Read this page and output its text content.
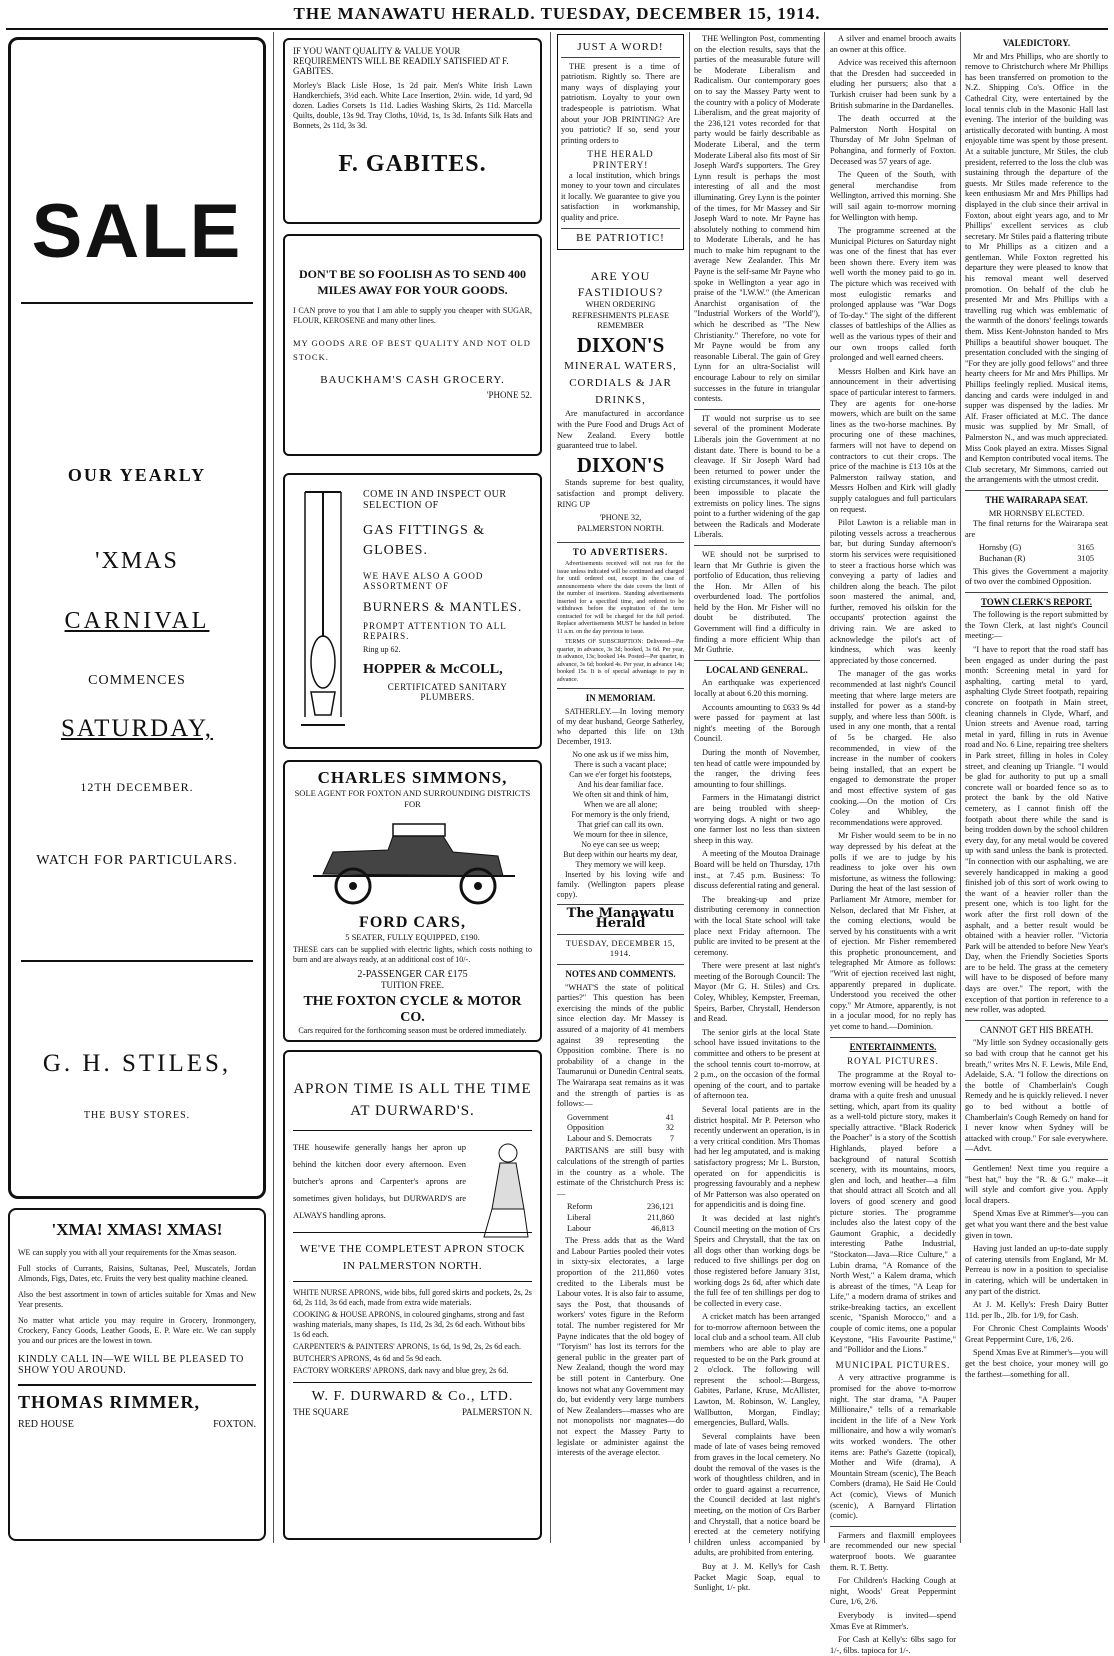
THE MANAWATU HERALD. TUESDAY, DECEMBER 15, 1914.
SALE
OUR YEARLY
'XMAS
CARNIVAL
COMMENCES
SATURDAY,
12TH DECEMBER.
WATCH FOR PARTICULARS.
G. H. STILES,
THE BUSY STORES.
'XMA! XMAS! XMAS!
WE can supply you with all your requirements for the Xmas season.
Full stocks of Currants, Raisins, Sultanas, Peel, Muscatels, Jordan Almonds, Figs, Dates, etc. Fruits the very best quality machine cleaned.
Also the best assortment in town of articles suitable for Xmas and New Year presents.
No matter what article you may require in Grocery, Ironmongery, Crockery, Fancy Goods, Leather Goods, E. P. Ware etc. We can supply you and our prices are the lowest in town.
KINDLY CALL IN—WE WILL BE PLEASED TO SHOW YOU AROUND.
THOMAS RIMMER,
RED HOUSE	FOXTON.
IF YOU WANT QUALITY & VALUE YOUR REQUIREMENTS WILL BE READILY SATISFIED AT F. GABITES.
Morley's Black Lisle Hose, 1s 2d pair. Men's White Irish Lawn Handkerchiefs, 3½d each. White Lace Insertion, 2½in. wide, 1d yard, 9d dozen. Ladies Corsets 1s 11d. Ladies Washing Skirts, 2s 11d. Marcella Quilts, double, 13s 9d. Tray Cloths, 10½d, 1s, 1s 3d. Infants Silk Hats and Bonnets, 2s 11d, 3s 3d.
F. GABITES.
DON'T BE SO FOOLISH AS TO SEND 400 MILES AWAY FOR YOUR GOODS.
I CAN prove to you that I am able to supply you cheaper with SUGAR, FLOUR, KEROSENE and many other lines.
MY GOODS ARE OF BEST QUALITY AND NOT OLD STOCK.
BAUCKHAM'S CASH GROCERY.
'PHONE 52.
COME IN AND INSPECT OUR SELECTION OF
GAS FITTINGS & GLOBES.
WE HAVE ALSO A GOOD ASSORTMENT OF
BURNERS & MANTLES.
PROMPT ATTENTION TO ALL REPAIRS.
Ring up 62.
HOPPER & McCOLL,
CERTIFICATED SANITARY PLUMBERS.
CHARLES SIMMONS,
SOLE AGENT FOR FOXTON AND SURROUNDING DISTRICTS FOR
FORD CARS,
5 SEATER, FULLY EQUIPPED, £190.
THESE cars can be supplied with electric lights, which costs nothing to burn and are always ready, at an additional cost of 10/-.
2-PASSENGER CAR £175
TUITION FREE.
THE FOXTON CYCLE & MOTOR CO.
Cars required for the forthcoming season must be ordered immediately.
APRON TIME IS ALL THE TIME AT DURWARD'S.
THE housewife generally hangs her apron up behind the kitchen door every afternoon. Even butcher's aprons and Carpenter's aprons are sometimes given holidays, but DURWARD'S are ALWAYS handling aprons.
WE'VE THE COMPLETEST APRON STOCK IN PALMERSTON NORTH.
WHITE NURSE APRONS, wide bibs, full gored skirts and pockets, 2s, 2s 6d, 2s 11d, 3s 6d each, made from extra wide materials.
COOKING & HOUSE APRONS, in coloured ginghams, strong and fast washing materials, many shapes, 1s 11d, 2s 3d, 2s 6d each. Without bibs 1s 6d each.
CARPENTER'S & PAINTERS' APRONS, 1s 6d, 1s 9d, 2s, 2s 6d each.
BUTCHER'S APRONS, 4s 6d and 5s 9d each.
FACTORY WORKERS' APRONS, dark navy and blue grey, 2s 6d.
W. F. DURWARD & Co., LTD.
THE SQUARE	PALMERSTON N.
JUST A WORD!

THE present is a time of patriotism. Rightly so. There are many ways of displaying your patriotism. Loyalty to your own tradespeople is patriotism. What about your JOB PRINTING? Are you patriotic? If so, send your printing orders to

THE HERALD PRINTERY!

a local institution, which brings money to your town and circulates it locally. We guarantee to give you satisfaction in workmanship, quality and price.

BE PATRIOTIC!
ARE YOU FASTIDIOUS?
WHEN ORDERING REFRESHMENTS PLEASE REMEMBER
DIXON'S
MINERAL WATERS, CORDIALS & JAR DRINKS,

Are manufactured in accordance with the Pure Food and Drugs Act of New Zealand. Every bottle guaranteed true to label.

DIXON'S

Stands supreme for best quality, satisfaction and prompt delivery. RING UP

'PHONE 32,
PALMERSTON NORTH.
TO ADVERTISERS.

Advertisements received will not run for the issue unless indicated will be continued and charged for until ordered out, except in the case of announcements where the date covers the limit of the number of insertions. Standing advertisements inserted for a specified time, and ordered to be withdrawn before the expiration of the term contracted for will be charged for the full period. Replace advertisements MUST be handed in before 11 a.m. on the day previous to issue.

TERMS OF SUBSCRIPTION: Delivered—Per quarter, in advance, 3s 3d; booked, 3s 6d. Per year, in advance, 13s; booked 14s. Posted—Per quarter, in advance, 3s 6d; booked 4s. Per year, in advance 14s; booked 15s. It is of special advantage to pay in advance.

IN MEMORIAM.

SATHERLEY.—In loving memory of my dear husband, George Satherley, who departed this life on 13th December, 1913.

No one ask us if we miss him,
There is such a vacant place;
Can we e'er forget his footsteps,
And his dear familiar face.
We often sit and think of him,
When we are all alone;
For memory is the only friend,
That grief can call its own.
We mourn for thee in silence,
No eye can see us weep;
But deep within our hearts my dear,
They memory we will keep.

Inserted by his loving wife and family. (Wellington papers please copy).

The Manawatu Herald
TUESDAY, DECEMBER 15, 1914.
NOTES AND COMMENTS.

"WHAT'S the state of political parties?" This question has been exercising the minds of the public since election day. Mr Massey is assured of a majority of 41 members against 39 representing the Opposition combine. There is no probability of a change in the Taumarunui or Dunedin Central seats. The Wairarapa seat remains as it was and the strength of parties is as follows:—

Government	41
Opposition	32
Labour and S. Democrats 7

PARTISANS are still busy with calculations of the strength of parties in the country as a whole. The estimate of the Christchurch Press is:—

Reform	236,121
Liberal	211,860
Labour	46,813

The Press adds that as the Ward and Labour Parties pooled their votes in sixty-six electorates, a large proportion of the 211,860 votes credited to the Liberals must be Labour votes. It is also fair to assume, says the Post, that thousands of workers' votes figure in the Reform total. The number registered for Mr Payne indicates that the old bogey of "Toryism" has lost its terrors for the general public in the greater part of New Zealand, though the word may be still potent in Canterbury. One knows not what any Government may do, but evidently very large numbers of New Zealanders—masses who are not monopolists nor magnates—do not expect the Massey Party to legislate or administer against the interests of the average elector.

THE Wellington Post, commenting on the election results, says that the parties of the measurable future will be Moderate Liberalism and Radicalism. Our contemporary goes on to say the Massey Party went to the country with a policy of Moderate Liberalism, and the great majority of the 236,121 votes recorded for that party would be fairly describable as Moderate Liberal, and the term Moderate Liberal also fits most of Sir Joseph Ward's supporters. The Grey Lynn result is perhaps the most interesting of all and the most illuminating. Grey Lynn is the pointer of the times, for Mr Massey and Sir Joseph Ward to note. Mr Payne has absolutely nothing to commend him to Moderate Liberals, and he has much to make him repugnant to the average New Zealander. This Mr Payne is the self-same Mr Payne who spoke in Wellington a year ago in praise of the "I.W.W." (the American Anarchist organisation of the "Industrial Workers of the World"), which he described as "The New Christianity." Therefore, no vote for Mr Payne would be from any reasonable Liberal. The gain of Grey Lynn for an ultra-Socialist will encourage Labour to rely on similar successes in the future in triangular contests.

IT would not surprise us to see several of the prominent Moderate Liberals join the Government at no distant date. There is bound to be a cleavage. If Sir Joseph Ward had been returned to power under the existing circumstances, it would have been impossible to placate the extremists on policy lines. The signs point to a further widening of the gap between the Radicals and Moderate Liberals.

WE should not be surprised to learn that Mr Guthrie is given the portfolio of Education, thus relieving the Hon. Mr Allen of his overburdened load. The portfolios held by the Hon. Mr Fisher will no doubt be distributed. The Government will find a difficulty in finding a more efficient Whip than Mr Guthrie.

LOCAL AND GENERAL.

An earthquake was experienced locally at about 6.20 this morning.

Accounts amounting to £633 9s 4d were passed for payment at last night's meeting of the Borough Council.

During the month of November, ten head of cattle were impounded by the ranger, the driving fees amounting to four shillings.

Farmers in the Himatangi district are being troubled with sheep-worrying dogs. A night or two ago one farmer lost no less than sixteen sheep in this way.

A meeting of the Moutoa Drainage Board will be held on Thursday, 17th inst., at 7.45 p.m. Business: To discuss deferential rating and general.

The breaking-up and prize distributing ceremony in connection with the local State school will take place next Friday afternoon. The public are invited to be present at the ceremony.

There were present at last night's meeting of the Borough Council: The Mayor (Mr G. H. Stiles) and Crs. Coley, Whibley, Kempster, Freeman, Speirs, Barber, Chrystall, Henderson and Read.

The senior girls at the local State school have issued invitations to the committee and others to be present at the school tennis court to-morrow, at 2 p.m., on the occasion of the formal opening of the court, and to partake of afternoon tea.

Several local patients are in the district hospital. Mr P. Peterson who recently underwent an operation, is in a very critical condition. Mrs Thomas had her leg amputated, and is making satisfactory progress; Mr L. Burston, operated on for appendicitis is progressing favourably and a nephew of Mr Patterson was also operated on for appendicitis and is doing fine.

It was decided at last night's Council meeting on the motion of Crs Speirs and Chrystall, that the tax on all dogs other than working dogs be reduced to five shillings per dog on those registered before January 31st, working dogs 2s 6d, after which date the full fee of ten shillings per dog to be collected in every case.

A cricket match has been arranged for to-morrow afternoon between the local club and a school team. All club members who are able to play are requested to be on the Park ground at 2 o'clock. The following will represent the school:—Burgess, Gabites, Parlane, Kruse, McAllister, Lawton, M. Robinson, W. Langley, Wallbutton, Morgan, Findlay; emergencies, Bullard, Walls.

Several complaints have been made of late of vases being removed from graves in the local cemetery. No doubt the removal of the vases is the work of thoughtless children, and in order to guard against a recurrence, the Council decided at last night's meeting, on the motion of Crs Barber and Chrystall, that a notice board be erected at the cemetery notifying children unless accompanied by adults, are prohibited from entering.

Buy at J. M. Kelly's for Cash Packet Magic Soap, equal to Sunlight, 1/- pkt.

A silver and enamel brooch awaits an owner at this office.

Advice was received this afternoon that the Dresden had succeeded in eluding her pursuers; also that a Turkish cruiser had been sunk by a British submarine in the Dardanelles.

The death occurred at the Palmerston North Hospital on Thursday of Mr John Spelman of Pohangina, and formerly of Foxton. Deceased was 57 years of age.

The Queen of the South, with general merchandise from Wellington, arrived this morning. She will sail again to-morrow morning for Wellington with hemp.

The programme screened at the Municipal Pictures on Saturday night was one of the finest that has ever been shown there. Every item was well worth the money paid to go in. The picture which was received with most eulogistic remarks and prolonged applause was "War Dogs of To-day." The sight of the different classes of battleships of the Allies as well as the various types of their and our own troops called forth prolonged and well earned cheers.

Messrs Holben and Kirk have an announcement in their advertising space of particular interest to farmers. They are agents for one-horse mowers, which are built on the same lines as the two-horse machines. By procuring one of these machines, farmers will not have to depend on contractors to cut their crops. The price of the machine is £13 10s at the Palmerston railway station, and Messrs Holben and Kirk will gladly supply catalogues and full particulars on request.

Pilot Lawton is a reliable man in piloting vessels across a treacherous bar, but during Sunday afternoon's storm his services were requisitioned to steer a fractious horse which was conveying a party of ladies and children along the beach. The pilot soon mastered the animal, and, further, removed his oilskin for the occupants' protection against the driving rain. We are asked to acknowledge the pilot's act of kindness, which was keenly appreciated by those concerned.

The manager of the gas works recommended at last night's Council meeting that where large meters are installed for power as a stand-by supply, and where less than 500ft. is used in any one month, that a rental of 5s be charged. He also recommended, in view of the increase in the number of cookers being installed, that an expert be engaged to demonstrate the proper and most effective system of gas cooking.—On the motion of Crs Coley and Whibley, the recommendations were approved.

Mr Fisher would seem to be in no way depressed by his defeat at the polls if we are to judge by his readiness to joke over his own misfortune, as witness the following: During the heat of the last session of Parliament Mr Atmore, member for Nelson, declared that Mr Fisher, at the coming elections, would be served by his constituents with a writ of ejection. Mr Fisher remembered this prophetic pronouncement, and telegraphed Mr Atmore as follows: "Writ of ejection received last night, apparently prepared in duplicate. Understood you received the other copy." Mr Atmore, apparently, is not in a jocular mood, for no reply has yet come to hand.—Dominion.

ENTERTAINMENTS.
ROYAL PICTURES.

The programme at the Royal to-morrow evening will be headed by a drama with a quite fresh and unusual setting, which, apart from its quality as a well-told picture story, makes it specially attractive. "Black Roderick the Poacher" is a story of the Scottish Highlands, played before a background of natural Scottish scenery, with its mountains, moors, glen and loch, and heather—a film that should attract all Scotch and all lovers of good scenery and good picture stories. The programme includes also the latest copy of the Gaumont Graphic, a decidedly interesting Pathe Industrial, "Stockaton—Java—Rice Culture," a Lubin drama, "A Romance of the North West," a Kalem drama, which is abreast of the times, "A Leap for Life," a modern drama of strikes and strike-breaking tactics, an excellent scenic, "Spanish Morocco," and a couple of comic items, one a popular Keystone, "His Favourite Pastime," and "Pollidor and the Lions."

MUNICIPAL PICTURES.

A very attractive programme is promised for the above to-morrow night. The star drama, "A Pauper Millionaire," tells of a remarkable incident in the life of a New York millionaire, and how a wily woman's wits worked wonders. The other items are: Pathe's Gazette (topical), Mother and Wife (drama), A Mountain Stream (scenic), The Beach Combers (drama), He Said He Could Act (comic), Views of Munich (scenic), A Barnyard Flirtation (comic).

Farmers and flaxmill employees are recommended our new special waterproof boots. We guarantee them. R. T. Betty.

For Children's Hacking Cough at night, Woods' Great Peppermint Cure, 1/6, 2/6.

Everybody is invited—spend Xmas Eve at Rimmer's.

For Cash at Kelly's: 6lbs sago for 1/-, 6lbs. tapioca for 1/-.

VALEDICTORY.

Mr and Mrs Phillips, who are shortly to remove to Christchurch where Mr Phillips has been transferred on promotion to the N.Z. Shipping Co's. Office in the Cathedral City, were entertained by the local tennis club in the Masonic Hall last evening. The interior of the building was artistically decorated with bunting. A most enjoyable time was spent by those present. At a suitable juncture, Mr Stiles, the club president, referred to the loss the club was sustaining through the departure of the guests. Mr Stiles made reference to the keen enthusiasm Mr and Mrs Phillips had displayed in the club since their arrival in Foxton, about eight years ago, and to Mr Phillips' excellent services as club secretary. Mr Stiles paid a flattering tribute to Mr Phillips as a citizen and a gentleman. While Foxton regretted his departure they were pleased to know that his removal meant well deserved promotion. On behalf of the club he presented Mr and Mrs Phillips with a travelling rug which was emblematic of the warmth of the donors' feelings towards them. Miss Kent-Johnston handed to Mrs Phillips a beautiful shower bouquet. The presentation concluded with the singing of "For they are jolly good fellows" and three hearty cheers for Mr and Mrs Phillips. Mr Phillips feelingly replied. Musical items, dancing and cards were indulged in and supper was dispensed by the ladies. Mr Alf. Fraser officiated at M.C. The dance music was supplied by Mr Small, of Palmerston N., and was much appreciated. Miss Cook played an extra. Misses Signal and Kempton contributed vocal items. The Club secretary, Mr Simmons, carried out the arrangements with the utmost credit.

THE WAIRARAPA SEAT.
MR HORNSBY ELECTED.

The final returns for the Wairarapa seat are

Hornsby (G)	3165
Buchanan (R)	3105

This gives the Government a majority of two over the combined Opposition.

TOWN CLERK'S REPORT.

The following is the report submitted by the Town Clerk, at last night's Council meeting:—

"I have to report that the road staff has been engaged as under during the past month: Screening metal in yard for asphalting, carting metal to yard, asphalting Clyde Street footpath, repairing concrete on footpath in Main street, cleaning channels in Clyde, Wharf, and Union streets and Avenue road, tarring metal in yard, filling in ruts in Avenue road and No. 6 Line, repairing tree shelters in Park street, filling in holes in Coley street, and cleaning up Triangle. "I would be glad for authority to put up a small concrete wall or boarded fence so as to protect the bank by the old Native cemetery, as I cannot finish off the footpath about there while the sand is being trodden down by the school children every day, for any metal would be covered up with sand unless the bank is protected. "In connection with our asphalting, we are severely handicapped in making a good finished job of this sort of work owing to the want of a heavier roller than the present one, which is too light for the work after the first roll down of the asphalt, and a better result would be obtained with a heavier roller. "Victoria Park will be attended to before New Year's Day, when the Friendly Societies Sports are to be held. The grass at the cemetery will have to be disposed of before many days are over." The report, with the exception of that portion in reference to a new roller, was adopted.

CANNOT GET HIS BREATH.

"My little son Sydney occasionally gets so bad with croup that he cannot get his breath," writes Mrs N. F. Lewis, Mile End, Adelaide, S.A. "I follow the directions on the bottle of Chamberlain's Cough Remedy and he is quickly relieved. I never go to bed without a bottle of Chamberlain's Cough Remedy on hand for I never know when Sydney will be attacked with croup." For sale everywhere.—Advt.

Gentlemen! Next time you require a "best hat," buy the "R. & G." make—it will style and comfort give you. Apply local drapers.

Spend Xmas Eve at Rimmer's—you can get what you want there and the best value given in town.

Having just landed an up-to-date supply of catering utensils from England, Mr M. Perreau is now in a position to specialise in catering, which will be undertaken in any part of the district.

At J. M. Kelly's: Fresh Dairy Butter 11d. per lb., 2lb. for 1/9, for Cash.

For Chronic Chest Complaints Woods' Great Peppermint Cure, 1/6, 2/6.

Spend Xmas Eve at Rimmer's—you will get the best choice, your money will go the farthest—something for all.
